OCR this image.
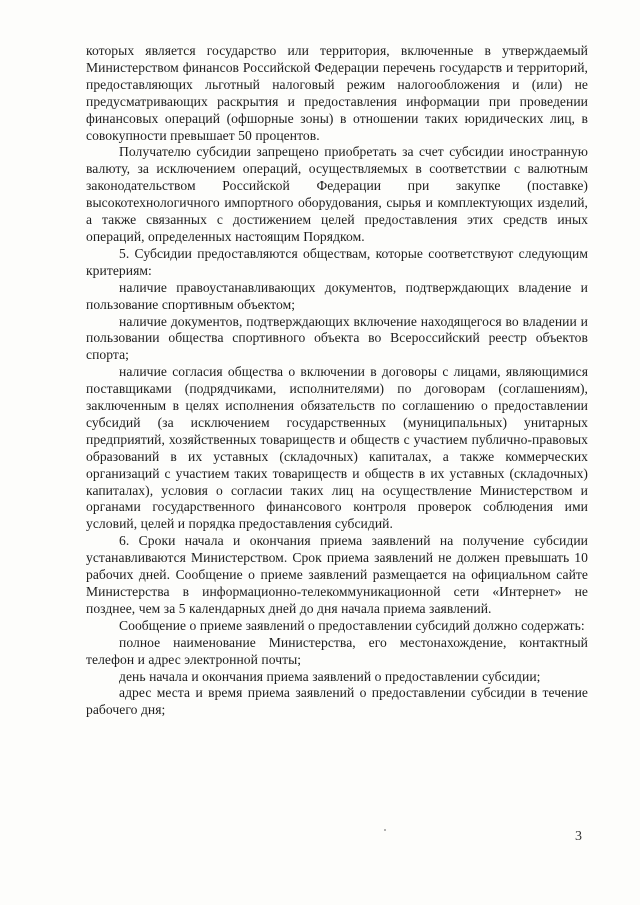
которых является государство или территория, включенные в утверждаемый Министерством финансов Российской Федерации перечень государств и территорий, предоставляющих льготный налоговый режим налогообложения и (или) не предусматривающих раскрытия и предоставления информации при проведении финансовых операций (офшорные зоны) в отношении таких юридических лиц, в совокупности превышает 50 процентов.

Получателю субсидии запрещено приобретать за счет субсидии иностранную валюту, за исключением операций, осуществляемых в соответствии с валютным законодательством Российской Федерации при закупке (поставке) высокотехнологичного импортного оборудования, сырья и комплектующих изделий, а также связанных с достижением целей предоставления этих средств иных операций, определенных настоящим Порядком.

5. Субсидии предоставляются обществам, которые соответствуют следующим критериям:

наличие правоустанавливающих документов, подтверждающих владение и пользование спортивным объектом;

наличие документов, подтверждающих включение находящегося во владении и пользовании общества спортивного объекта во Всероссийский реестр объектов спорта;

наличие согласия общества о включении в договоры с лицами, являющимися поставщиками (подрядчиками, исполнителями) по договорам (соглашениям), заключенным в целях исполнения обязательств по соглашению о предоставлении субсидий (за исключением государственных (муниципальных) унитарных предприятий, хозяйственных товариществ и обществ с участием публично-правовых образований в их уставных (складочных) капиталах, а также коммерческих организаций с участием таких товариществ и обществ в их уставных (складочных) капиталах), условия о согласии таких лиц на осуществление Министерством и органами государственного финансового контроля проверок соблюдения ими условий, целей и порядка предоставления субсидий.

6. Сроки начала и окончания приема заявлений на получение субсидии устанавливаются Министерством. Срок приема заявлений не должен превышать 10 рабочих дней. Сообщение о приеме заявлений размещается на официальном сайте Министерства в информационно-телекоммуникационной сети «Интернет» не позднее, чем за 5 календарных дней до дня начала приема заявлений.

Сообщение о приеме заявлений о предоставлении субсидий должно содержать:

полное наименование Министерства, его местонахождение, контактный телефон и адрес электронной почты;

день начала и окончания приема заявлений о предоставлении субсидии;

адрес места и время приема заявлений о предоставлении субсидии в течение рабочего дня;

3
